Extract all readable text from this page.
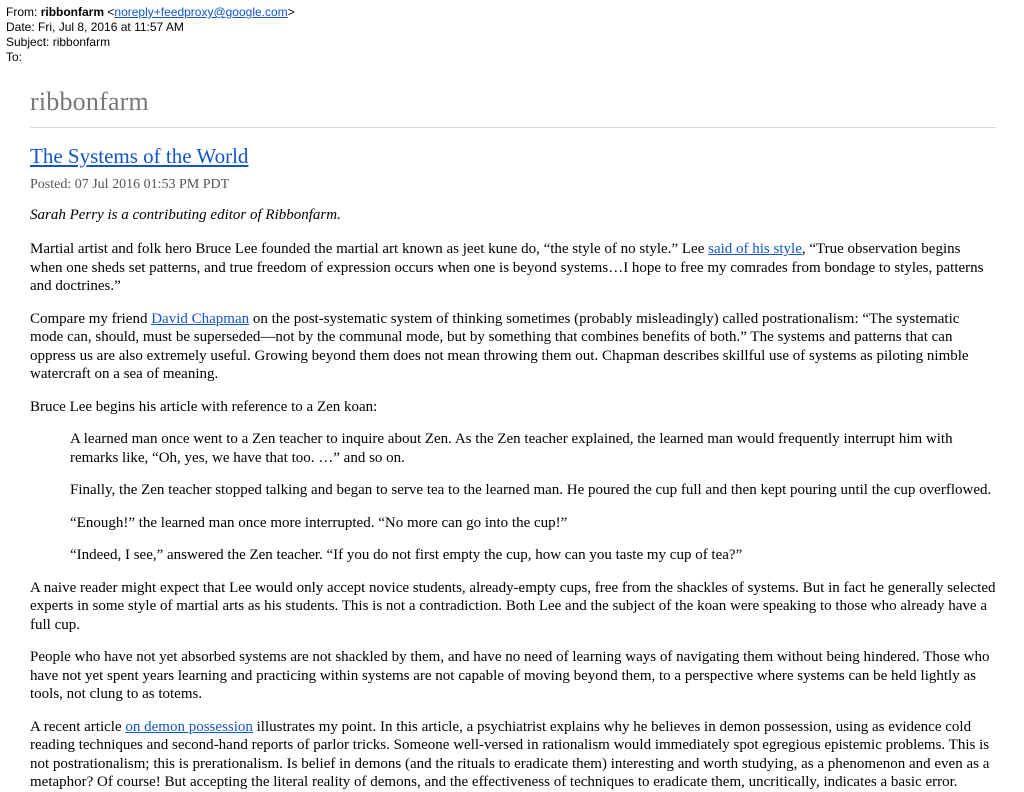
From: ribbonfarm <noreply+feedproxy@google.com>
Date: Fri, Jul 8, 2016 at 11:57 AM
Subject: ribbonfarm
To:
ribbonfarm
The Systems of the World
Posted: 07 Jul 2016 01:53 PM PDT
Sarah Perry is a contributing editor of Ribbonfarm.

Martial artist and folk hero Bruce Lee founded the martial art known as jeet kune do, “the style of no style.” Lee said of his style, “True observation begins when one sheds set patterns, and true freedom of expression occurs when one is beyond systems…I hope to free my comrades from bondage to styles, patterns and doctrines.”

Compare my friend David Chapman on the post-systematic system of thinking sometimes (probably misleadingly) called postrationalism: “The systematic mode can, should, must be superseded—not by the communal mode, but by something that combines benefits of both.” The systems and patterns that can oppress us are also extremely useful. Growing beyond them does not mean throwing them out. Chapman describes skillful use of systems as piloting nimble watercraft on a sea of meaning.

Bruce Lee begins his article with reference to a Zen koan:

A learned man once went to a Zen teacher to inquire about Zen. As the Zen teacher explained, the learned man would frequently interrupt him with remarks like, “Oh, yes, we have that too. …” and so on.

Finally, the Zen teacher stopped talking and began to serve tea to the learned man. He poured the cup full and then kept pouring until the cup overflowed.

“Enough!” the learned man once more interrupted. “No more can go into the cup!”

“Indeed, I see,” answered the Zen teacher. “If you do not first empty the cup, how can you taste my cup of tea?”

A naive reader might expect that Lee would only accept novice students, already-empty cups, free from the shackles of systems. But in fact he generally selected experts in some style of martial arts as his students. This is not a contradiction. Both Lee and the subject of the koan were speaking to those who already have a full cup.

People who have not yet absorbed systems are not shackled by them, and have no need of learning ways of navigating them without being hindered. Those who have not yet spent years learning and practicing within systems are not capable of moving beyond them, to a perspective where systems can be held lightly as tools, not clung to as totems.

A recent article on demon possession illustrates my point. In this article, a psychiatrist explains why he believes in demon possession, using as evidence cold reading techniques and second-hand reports of parlor tricks. Someone well-versed in rationalism would immediately spot egregious epistemic problems. This is not postrationalism; this is prerationalism. Is belief in demons (and the rituals to eradicate them) interesting and worth studying, as a phenomenon and even as a metaphor? Of course! But accepting the literal reality of demons, and the effectiveness of techniques to eradicate them, uncritically, indicates a basic error.
